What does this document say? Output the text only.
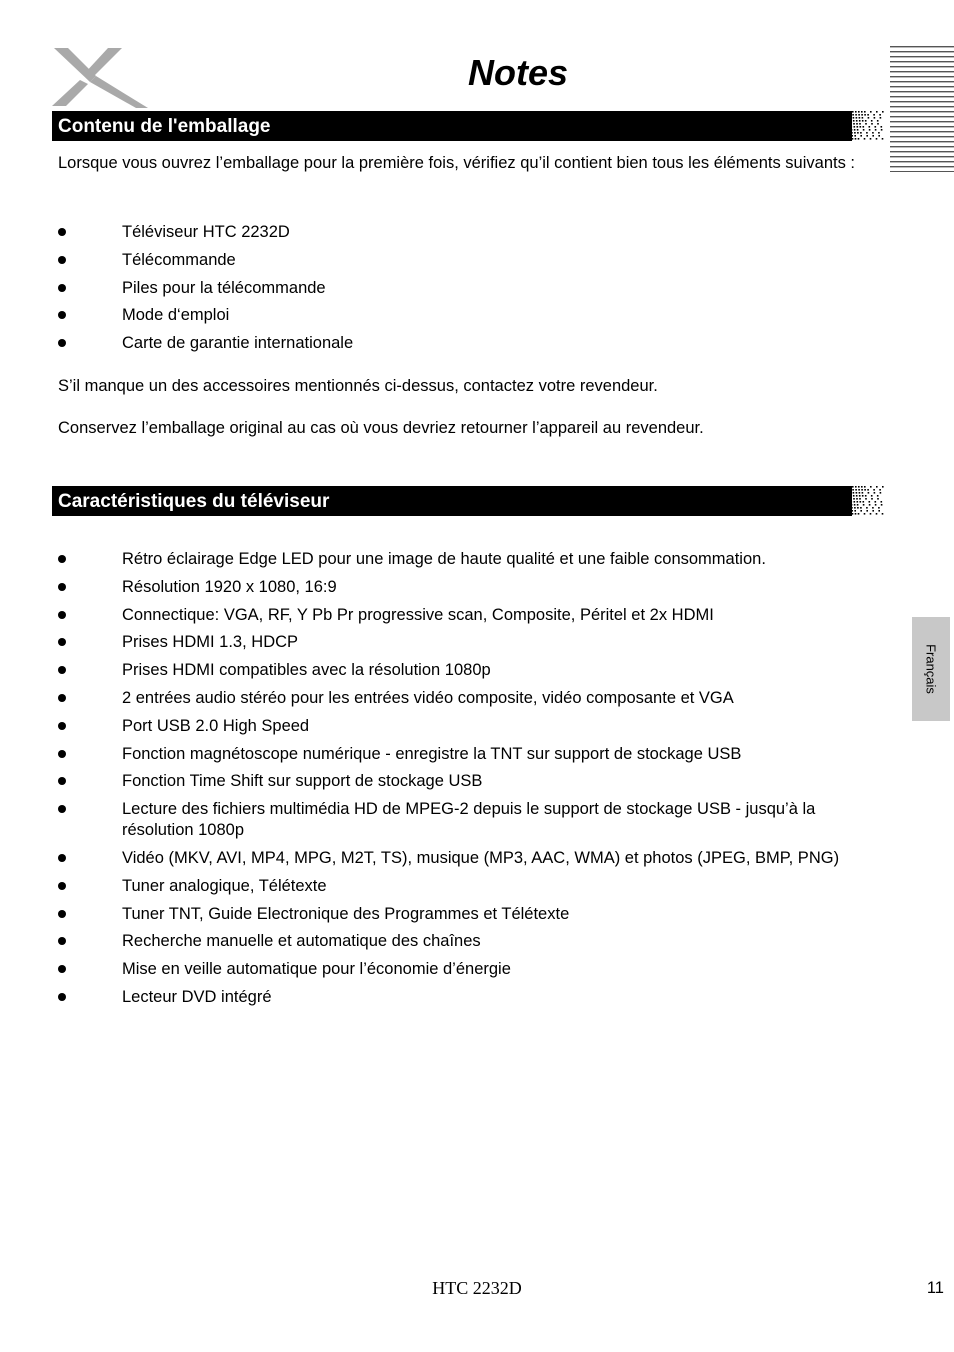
Notes
Contenu de l'emballage
Lorsque vous ouvrez l’emballage pour la première fois, vérifiez qu’il contient bien tous les éléments suivants :
Téléviseur HTC 2232D
Télécommande
Piles pour la télécommande
Mode d‘emploi
Carte de garantie internationale
S’il manque un des accessoires mentionnés ci-dessus, contactez votre revendeur.
Conservez l’emballage original au cas où vous devriez retourner l’appareil au revendeur.
Caractéristiques du téléviseur
Rétro éclairage Edge LED pour une image de haute qualité et une faible consommation.
Résolution 1920 x 1080, 16:9
Connectique: VGA, RF, Y Pb Pr progressive scan, Composite, Péritel et 2x HDMI
Prises HDMI 1.3, HDCP
Prises HDMI compatibles avec la résolution 1080p
2 entrées audio stéréo pour les entrées vidéo composite, vidéo composante et VGA
Port USB 2.0 High Speed
Fonction magnétoscope numérique - enregistre la TNT sur support de stockage USB
Fonction Time Shift sur support de stockage USB
Lecture des fichiers multimédia HD de MPEG-2 depuis le support de stockage USB - jusqu’à la résolution 1080p
Vidéo (MKV, AVI, MP4, MPG, M2T, TS), musique (MP3, AAC, WMA) et photos (JPEG, BMP, PNG)
Tuner analogique, Télétexte
Tuner TNT, Guide Electronique des Programmes et Télétexte
Recherche manuelle et automatique des chaînes
Mise en veille automatique pour l’économie d’énergie
Lecteur DVD intégré
Français
HTC 2232D	11
